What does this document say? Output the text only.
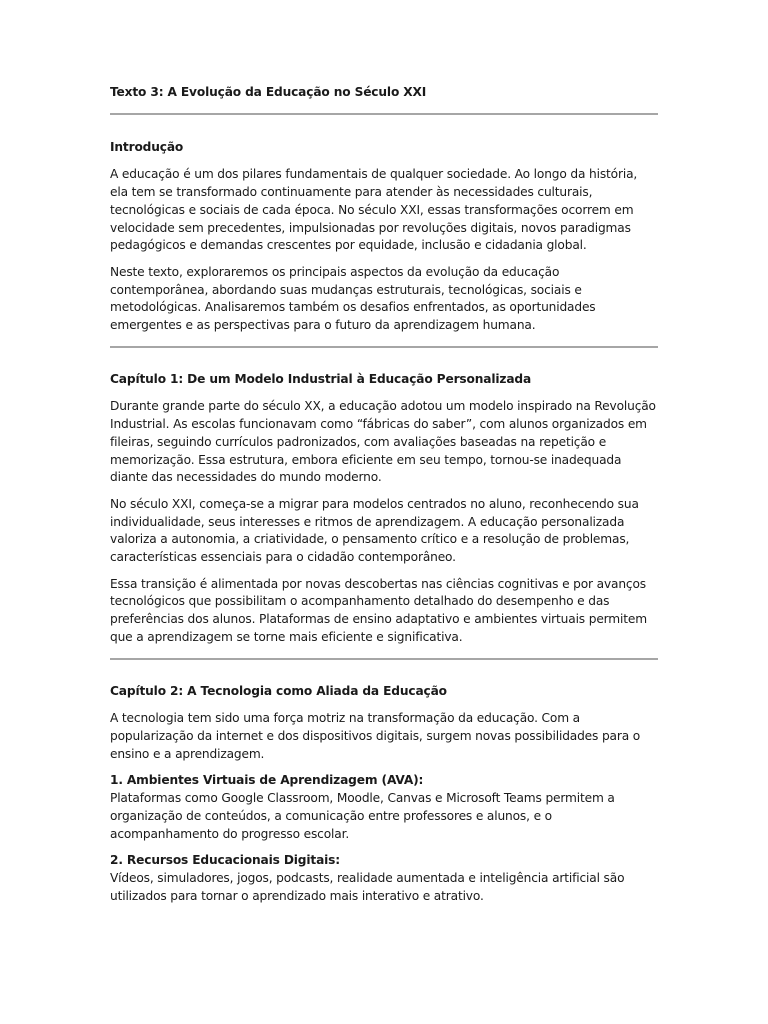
Texto 3: A Evolução da Educação no Século XXI

Introdução

A educação é um dos pilares fundamentais de qualquer sociedade. Ao longo da história, ela tem se transformado continuamente para atender às necessidades culturais, tecnológicas e sociais de cada época. No século XXI, essas transformações ocorrem em velocidade sem precedentes, impulsionadas por revoluções digitais, novos paradigmas pedagógicos e demandas crescentes por equidade, inclusão e cidadania global.

Neste texto, exploraremos os principais aspectos da evolução da educação contemporânea, abordando suas mudanças estruturais, tecnológicas, sociais e metodológicas. Analisaremos também os desafios enfrentados, as oportunidades emergentes e as perspectivas para o futuro da aprendizagem humana.

Capítulo 1: De um Modelo Industrial à Educação Personalizada

Durante grande parte do século XX, a educação adotou um modelo inspirado na Revolução Industrial. As escolas funcionavam como “fábricas do saber”, com alunos organizados em fileiras, seguindo currículos padronizados, com avaliações baseadas na repetição e memorização. Essa estrutura, embora eficiente em seu tempo, tornou-se inadequada diante das necessidades do mundo moderno.

No século XXI, começa-se a migrar para modelos centrados no aluno, reconhecendo sua individualidade, seus interesses e ritmos de aprendizagem. A educação personalizada valoriza a autonomia, a criatividade, o pensamento crítico e a resolução de problemas, características essenciais para o cidadão contemporâneo.

Essa transição é alimentada por novas descobertas nas ciências cognitivas e por avanços tecnológicos que possibilitam o acompanhamento detalhado do desempenho e das preferências dos alunos. Plataformas de ensino adaptativo e ambientes virtuais permitem que a aprendizagem se torne mais eficiente e significativa.

Capítulo 2: A Tecnologia como Aliada da Educação

A tecnologia tem sido uma força motriz na transformação da educação. Com a popularização da internet e dos dispositivos digitais, surgem novas possibilidades para o ensino e a aprendizagem.

1. Ambientes Virtuais de Aprendizagem (AVA):
Plataformas como Google Classroom, Moodle, Canvas e Microsoft Teams permitem a organização de conteúdos, a comunicação entre professores e alunos, e o acompanhamento do progresso escolar.
2. Recursos Educacionais Digitais:
Vídeos, simuladores, jogos, podcasts, realidade aumentada e inteligência artificial são utilizados para tornar o aprendizado mais interativo e atrativo.
